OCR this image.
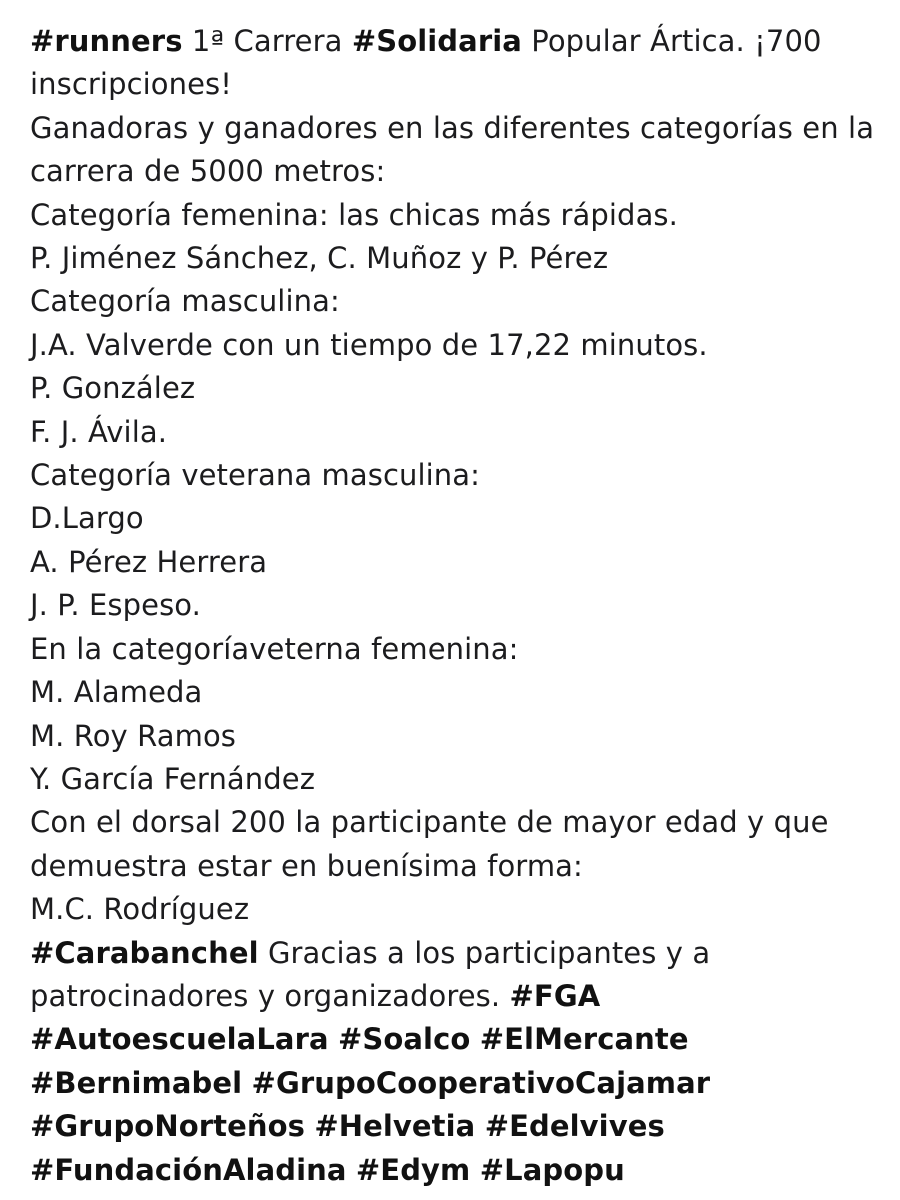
#runners 1ª Carrera #Solidaria Popular Ártica. ¡700 inscripciones!

Ganadoras y ganadores en las diferentes categorías en la carrera de 5000 metros:

Categoría femenina: las chicas más rápidas.

P. Jiménez Sánchez, C. Muñoz y P. Pérez

Categoría masculina:

J.A. Valverde con un tiempo de 17,22 minutos.

P. González

F. J. Ávila.

Categoría veterana masculina:

D.Largo

A. Pérez Herrera

J. P. Espeso.

En la categoríaveterna femenina:

M. Alameda

M. Roy Ramos

Y. García Fernández

Con el dorsal 200 la participante de mayor edad y que demuestra estar en buenísima forma:

M.C. Rodríguez

#Carabanchel Gracias a los participantes y a patrocinadores y organizadores. #FGA #AutoescuelaLara #Soalco #ElMercante #Bernimabel #GrupoCooperativoCajamar #GrupoNorteños #Helvetia #Edelvives #FundaciónAladina #Edym #Lapopu
